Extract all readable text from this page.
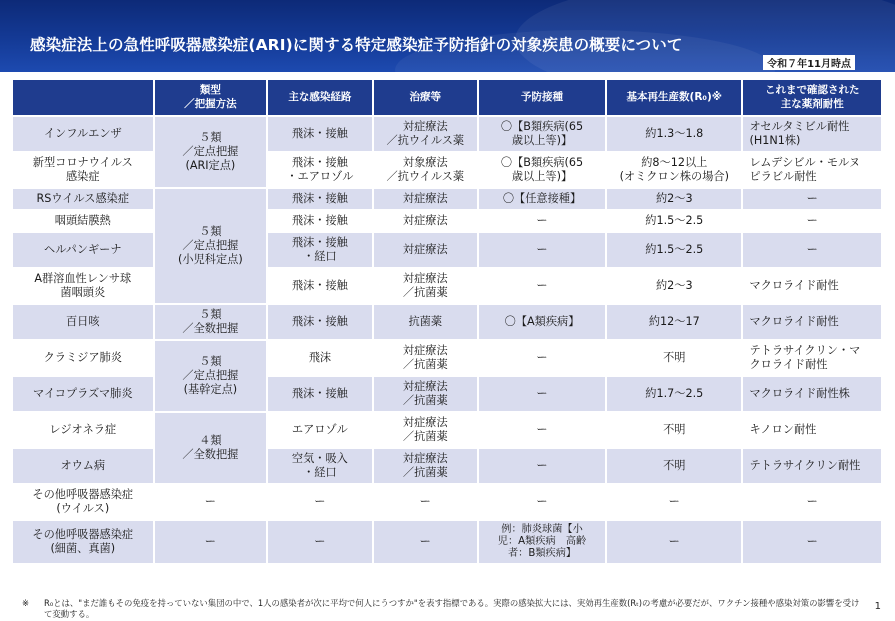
感染症法上の急性呼吸器感染症(ARI)に関する特定感染症予防指針の対象疾患の概要について
令和７年11月時点
	類型
／把握方法	主な感染経路	治療等	予防接種	基本再生産数(R₀)※	これまで確認された
主な薬剤耐性
インフルエンザ	５類
／定点把握
(ARI定点)	飛沫・接触	対症療法
／抗ウイルス薬	〇【B類疾病(65
歳以上等)】	約1.3～1.8	オセルタミビル耐性
(H1N1株)
新型コロナウイルス
感染症		飛沫・接触
・エアロゾル	対象療法
／抗ウイルス薬	〇【B類疾病(65
歳以上等)】	約8～12以上
(オミクロン株の場合)	レムデシビル・モルヌ
ピラビル耐性
RSウイルス感染症	５類
／定点把握
(小児科定点)	飛沫・接触	対症療法	〇【任意接種】	約2～3	ー
咽頭結膜熱		飛沫・接触	対症療法	ー	約1.5～2.5	ー
ヘルパンギーナ		飛沫・接触
・経口	対症療法	ー	約1.5～2.5	ー
A群溶血性レンサ球
菌咽頭炎		飛沫・接触	対症療法
／抗菌薬	ー	約2～3	マクロライド耐性
百日咳	５類
／全数把握	飛沫・接触	抗菌薬	〇【A類疾病】	約12～17	マクロライド耐性
クラミジア肺炎	５類
／定点把握
(基幹定点)	飛沫	対症療法
／抗菌薬	ー	不明	テトラサイクリン・マ
クロライド耐性
マイコプラズマ肺炎		飛沫・接触	対症療法
／抗菌薬	ー	約1.7～2.5	マクロライド耐性株
レジオネラ症	４類
／全数把握	エアロゾル	対症療法
／抗菌薬	ー	不明	キノロン耐性
オウム病		空気・吸入
・経口	対症療法
／抗菌薬	ー	不明	テトラサイクリン耐性
その他呼吸器感染症
(ウイルス)	ー	ー	ー	ー	ー	ー
その他呼吸器感染症
(細菌、真菌)	ー	ー	ー	例：肺炎球菌【小
児：A類疾病　高齢
者：B類疾病】	ー	ー
※ R₀とは、"まだ誰もその免疫を持っていない集団の中で、1人の感染者が次に平均で何人にうつすか"を表す指標である。実際の感染拡大には、実効再生産数(Rₜ)の考慮が必要だが、ワクチン接種や感染対策の影響を受けて変動する。
1
